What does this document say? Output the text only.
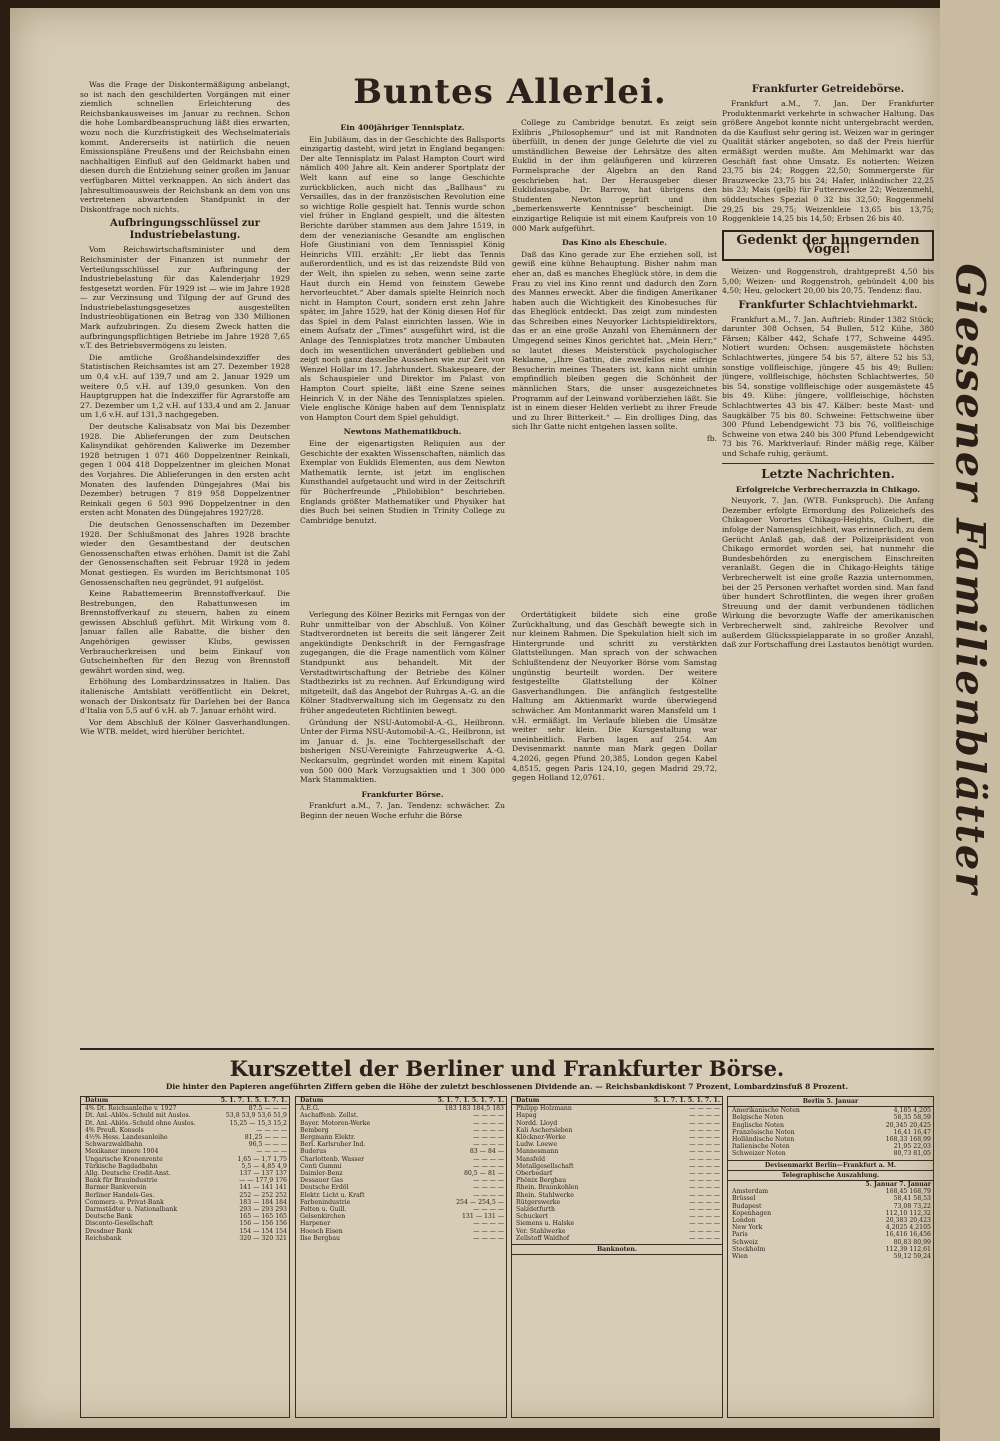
Giessener Familienblätter
Buntes Allerlei.
Was die Frage der Diskontermäßigung anbelangt, so ist nach den geschilderten Vorgängen mit einer ziemlich schnellen Erleichterung des Reichsbankausweises im Januar zu rechnen. Schon die hohe Lombardbeanspruchung läßt dies erwarten, wozu noch die Kurzfristigkeit des Wechselmaterials kommt. Andererseits ist natürlich die neuen Emissionspläne Preußens und der Reichsbahn einen nachhaltigen Einfluß auf den Geldmarkt haben und diesen durch die Entziehung seiner großen im Januar verfügbaren Mittel verknappen. An sich ändert das Jahresultimoausweis der Reichsbank an dem von uns vertretenen abwartenden Standpunkt in der Diskontfrage noch nichts.
Aufbringungsschlüssel zur Industriebelastung.
Vom Reichswirtschaftsminister und dem Reichsminister der Finanzen ist nunmehr der Verteilungsschlüssel zur Aufbringung der Industriebelastung für das Kalenderjahr 1929 festgesetzt worden. Für 1929 ist — wie im Jahre 1928 — zur Verzinsung und Tilgung der auf Grund des Industriebelastungsgesetzes ausgestellten Industrieobligationen ein Betrag von 330 Millionen Mark aufzubringen. Zu diesem Zweck hatten die aufbringungspflichtigen Betriebe im Jahre 1928 7,65 v.T. des Betriebsvermögens zu leisten.
Die amtliche Großhandelsindexziffer des Statistischen Reichsamtes ist am 27. Dezember 1928 um 0,4 v.H. auf 139,7 und am 2. Januar 1929 um weitere 0,5 v.H. auf 139,0 gesunken. Von den Hauptgruppen hat die Indexziffer für Agrarstoffe am 27. Dezember um 1,2 v.H. auf 133,4 und am 2. Januar um 1,6 v.H. auf 131,3 nachgegeben.
Der deutsche Kalisabsatz von Mai bis Dezember 1928. Die Ablieferungen der zum Deutschen Kalisyndikat gehörenden Kaliwerke im Dezember 1928 betrugen 1 071 460 Doppelzentner Reinkali, gegen 1 004 418 Doppelzentner im gleichen Monat des Vorjahres. Die Ablieferungen in den ersten acht Monaten des laufenden Düngejahres (Mai bis Dezember) betrugen 7 819 958 Doppelzentner Reinkali gegen 6 503 996 Doppelzentner in den ersten acht Monaten des Düngejahres 1927/28.
Die deutschen Genossenschaften im Dezember 1928. Der Schlußmonat des Jahres 1928 brachte wieder den Gesamtbestand der deutschen Genossenschaften etwas erhöhen. Damit ist die Zahl der Genossenschaften seit Februar 1928 in jedem Monat gestiegen. Es wurden im Berichtsmonat 105 Genossenschaften neu gegründet, 91 aufgelöst.
Keine Rabattemeerim Brennstoffverkauf. Die Bestrebungen, den Rabattunwesen im Brennstoffverkauf zu steuern, haben zu einem gewissen Abschluß geführt. Mit Wirkung vom 8. Januar fallen alle Rabatte, die bisher den Angehörigen gewisser Klubs, gewissen Verbraucherkreisen und beim Einkauf von Gutscheinheften für den Bezug von Brennstoff gewährt worden sind, weg.
Erhöhung des Lombardzinssatzes in Italien. Das italienische Amtsblatt veröffentlicht ein Dekret, wonach der Diskontsatz für Darlehen bei der Banca d'Italia von 5,5 auf 6 v.H. ab 7. Januar erhöht wird.
Vor dem Abschluß der Kölner Gasverhandlungen. Wie WTB. meldet, wird hierüber berichtet.
Ein 400jähriger Tennisplatz.
Ein Jubiläum, das in der Geschichte des Ballsports einzigartig dasteht, wird jetzt in England begangen: Der alte Tennisplatz im Palast Hampton Court wird nämlich 400 Jahre alt. Kein anderer Sportplatz der Welt kann auf eine so lange Geschichte zurückblicken, auch nicht das „Ballhaus“ zu Versailles, das in der französischen Revolution eine so wichtige Rolle gespielt hat. Tennis wurde schon viel früher in England gespielt, und die ältesten Berichte darüber stammen aus dem Jahre 1519, in dem der venezianische Gesandte am englischen Hofe Giustiniani von dem Tennisspiel König Heinrichs VIII. erzählt: „Er liebt das Tennis außerordentlich, und es ist das reizendste Bild von der Welt, ihn spielen zu sehen, wenn seine zarte Haut durch ein Hemd von feinstem Gewebe hervorleuchtet.“ Aber damals spielte Heinrich noch nicht in Hampton Court, sondern erst zehn Jahre später, im Jahre 1529, hat der König diesen Hof für das Spiel in dem Palast einrichten lassen. Wie in einem Aufsatz der „Times“ ausgeführt wird, ist die Anlage des Tennisplatzes trotz mancher Umbauten doch im wesentlichen unverändert geblieben und zeigt noch ganz dasselbe Aussehen wie zur Zeit von Wenzel Hollar im 17. Jahrhundert. Shakespeare, der als Schauspieler und Direktor im Palast von Hampton Court spielte, läßt eine Szene seines Heinrich V. in der Nähe des Tennisplatzes spielen. Viele englische Könige haben auf dem Tennisplatz von Hampton Court dem Spiel gehuldigt.
Newtons Mathematikbuch.
Eine der eigenartigsten Reliquien aus der Geschichte der exakten Wissenschaften, nämlich das Exemplar von Euklids Elementen, aus dem Newton Mathematik lernte, ist jetzt im englischen Kunsthandel aufgetaucht und wird in der Zeitschrift für Bücherfreunde „Philobiblon“ beschrieben. Englands größter Mathematiker und Physiker hat dies Buch bei seinen Studien in Trinity College zu Cambridge benutzt.
College zu Cambridge benutzt. Es zeigt sein Exlibris „Philosophemur“ und ist mit Randnoten überfüllt, in denen der junge Gelehrte die viel zu umständlichen Beweise der Lehrsätze des alten Euklid in der ihm geläufigeren und kürzeren Formelsprache der Algebra an den Rand geschrieben hat. Der Herausgeber dieser Euklidausgabe, Dr. Barrow, hat übrigens den Studenten Newton geprüft und ihm „bemerkenswerte Kenntnisse“ bescheinigt. Die einzigartige Reliquie ist mit einem Kaufpreis von 10 000 Mark aufgeführt.
Das Kino als Eheschule.
Daß das Kino gerade zur Ehe erziehen soll, ist gewiß eine kühne Behauptung. Bisher nahm man eher an, daß es manches Eheglück störe, in dem die Frau zu viel ins Kino rennt und dadurch den Zorn des Mannes erweckt. Aber die findigen Amerikaner haben auch die Wichtigkeit des Kinobesuches für das Eheglück entdeckt. Das zeigt zum mindesten das Schreiben eines Neuyorker Lichtspieldirektors, das er an eine große Anzahl von Ehemännern der Umgegend seines Kinos gerichtet hat. „Mein Herr,“ so lautet dieses Meisterstück psychologischer Reklame, „Ihre Gattin, die zweifellos eine eifrige Besucherin meines Theaters ist, kann nicht umhin empfindlich bleiben gegen die Schönheit der männlichen Stars, die unser ausgezeichnetes Programm auf der Leinwand vorüberziehen läßt. Sie ist in einem dieser Helden verliebt zu ihrer Freude und zu Ihrer Bitterkeit.“ — Ein drolliges Ding, das sich Ihr Gatte nicht entgehen lassen sollte.
fb.
Frankfurter Getreidebörse.
Frankfurt a.M., 7. Jan. Der Frankfurter Produktenmarkt verkehrte in schwacher Haltung. Das größere Angebot konnte nicht untergebracht werden, da die Kauflust sehr gering ist. Weizen war in geringer Qualität stärker angeboten, so daß der Preis hierfür ermäßigt werden mußte. Am Mehlmarkt war das Geschäft fast ohne Umsatz. Es notierten: Weizen 23,75 bis 24; Roggen 22,50; Sommergerste für Brauzwecke 23,75 bis 24; Hafer, inländischer 22,25 bis 23; Mais (gelb) für Futterzwecke 22; Weizenmehl, süddeutsches Spezial 0 32 bis 32,50; Roggenmehl 29,25 bis 29,75; Weizenkleie 13,65 bis 13,75; Roggenkleie 14,25 bis 14,50; Erbsen 26 bis 40.
Gedenkt der hungernden Vögel!
Weizen- und Roggenstroh, drahtgepreßt 4,50 bis 5,00; Weizen- und Roggenstroh, gebündelt 4,00 bis 4,50; Heu, gelockert 20,00 bis 20,75. Tendenz: flau.
Frankfurter Schlachtviehmarkt.
Frankfurt a.M., 7. Jan. Auftrieb: Rinder 1382 Stück; darunter 308 Ochsen, 54 Bullen, 512 Kühe, 380 Färsen; Kälber 442, Schafe 177, Schweine 4495. Notiert wurden: Ochsen: ausgemästete höchsten Schlachtwertes, jüngere 54 bis 57, ältere 52 bis 53, sonstige vollfleischige, jüngere 45 bis 49; Bullen: jüngere, vollfleischige, höchsten Schlachtwertes, 50 bis 54, sonstige vollfleischige oder ausgemästete 45 bis 49. Kühe: jüngere, vollfleischige, höchsten Schlachtwertes 43 bis 47. Kälber: beste Mast- und Saugkälber 75 bis 80. Schweine: Fettschweine über 300 Pfund Lebendgewicht 73 bis 76, vollfleischige Schweine von etwa 240 bis 300 Pfund Lebendgewicht 73 bis 76. Marktverlauf: Rinder mäßig rege, Kälber und Schafe ruhig, geräumt.
Letzte Nachrichten.
Erfolgreiche Verbrecherrazzia in Chikago.
Neuyork, 7. Jan. (WTB. Funkspruch). Die Anfang Dezember erfolgte Ermordung des Polizeichefs des Chikagoer Vorortes Chikago-Heights, Gulbert, die infolge der Namensgleichheit, was erinnerlich, zu dem Gerücht Anlaß gab, daß der Polizeipräsident von Chikago ermordet worden sei, hat nunmehr die Bundesbehörden zu energischem Einschreiten veranlaßt. Gegen die in Chikago-Heights tätige Verbrecherwelt ist eine große Razzia unternommen, bei der 25 Personen verhaftet worden sind. Man fand über hundert Schrotflinten, die wegen ihrer großen Streuung und der damit verbundenen tödlichen Wirkung die bevorzugte Waffe der amerikanischen Verbrecherwelt sind, zahlreiche Revolver und außerdem Glücksspielapparate in so großer Anzahl, daß zur Fortschaffung drei Lastautos benötigt wurden.
Verlegung des Kölner Bezirks mit Ferngas von der Ruhr unmittelbar von der Abschluß. Von Kölner Stadtverordneten ist bereits die seit längerer Zeit angekündigte Denkschrift in der Ferngasfrage zugegangen, die die Frage namentlich vom Kölner Standpunkt aus behandelt. Mit der Verstadtwirtschaftung der Betriebe des Kölner Stadtbezirks ist zu rechnen. Auf Erkundigung wird mitgeteilt, daß das Angebot der Ruhrgas A.-G. an die Kölner Stadtverwaltung sich im Gegensatz zu den früher angedeuteten Richtlinien bewegt.
Gründung der NSU-Automobil-A.-G., Heilbronn. Unter der Firma NSU-Automobil-A.-G., Heilbronn, ist im Januar d. Js. eine Tochtergesellschaft der bisherigen NSU-Vereinigte Fahrzeugwerke A.-G. Neckarsulm, gegründet worden mit einem Kapital von 500 000 Mark Vorzugsaktien und 1 300 000 Mark Stammaktien.
Frankfurter Börse.
Frankfurt a.M., 7. Jan. Tendenz: schwächer. Zu Beginn der neuen Woche erfuhr die Börse
Ordertätigkeit bildete sich eine große Zurückhaltung, und das Geschäft bewegte sich in nur kleinem Rahmen. Die Spekulation hielt sich im Hintergrunde und schritt zu verstärkten Glattstellungen. Man sprach von der schwachen Schlußtendenz der Neuyorker Börse vom Samstag ungünstig beurteilt worden. Der weitere festgestellte Glattstellung der Kölner Gasverhandlungen. Die anfänglich festgestellte Haltung am Aktienmarkt wurde überwiegend schwächer. Am Montanmarkt waren Mansfeld um 1 v.H. ermäßigt. Im Verlaufe blieben die Umsätze weiter sehr klein. Die Kursgestaltung war uneinheitlich. Farben lagen auf 254. Am Devisenmarkt nannte man Mark gegen Dollar 4,2026, gegen Pfund 20,385, London gegen Kabel 4,8515, gegen Paris 124,10, gegen Madrid 29,72, gegen Holland 12,0761.
Kurszettel der Berliner und Frankfurter Börse.
Die hinter den Papieren angeführten Ziffern geben die Höhe der zuletzt beschlossenen Dividende an. — Reichsbankdiskont 7 Prozent, Lombardzinsfuß 8 Prozent.
Datum	5. 1. 7. 1. 5. 1. 7. 1.
4% Dt. Reichsanleihe v. 1927	87.5 — — —
Dt. Anl.-Ablös.-Schuld mit Auslos.	53,8 53,9 53,6 51,9
Dt. Anl.-Ablös.-Schuld ohne Auslos.	15,25 — 15,3 15,2
4% Preuß. Konsols	— — — —
4½% Hess. Landesanleihe	81,25 — — —
Schwarzwaldbahn	96,5 — — —
Mexikaner innere 1904	— — — —
Ungarische Kronenrente	1,65 — 1,7 1,75
Türkische Bagdadbahn	5,5 — 4,85 4,9
Allg. Deutsche Credit-Anst.	137 — 137 137
Bank für Brauindustrie	— — 177,9 176
Barmer Bankverein	141 — 141 141
Berliner Handels-Ges.	252 — 252 252
Commerz- u. Privat-Bank	183 — 184 184
Darmstädter u. Nationalbank	293 — 293 293
Deutsche Bank	165 — 165 165
Disconto-Gesellschaft	156 — 156 156
Dresdner Bank	154 — 154 154
Reichsbank	320 — 320 321
Datum	5. 1. 7. 1. 5. 1. 7. 1.
A.E.G.	183 183 184,5 183
Aschaffenb. Zellst.	— — — —
Bayer. Motoren-Werke	— — — —
Bemberg	— — — —
Bergmann Elektr.	— — — —
Berl. Karlsruher Ind.	— — — —
Buderus	83 — 84 —
Charlottenb. Wasser	— — — —
Conti Gummi	— — — —
Daimler-Benz	80,5 — 81 —
Dessauer Gas	— — — —
Deutsche Erdöl	— — — —
Elektr. Licht u. Kraft	— — — —
Farbenindustrie	254 — 254,5 —
Felten u. Guill.	— — — —
Gelsenkirchen	131 — 131 —
Harpener	— — — —
Hoesch Eisen	— — — —
Ilse Bergbau	— — — —
Datum	5. 1. 7. 1. 5. 1. 7. 1.
Philipp Holzmann	— — — —
Hapag	— — — —
Nordd. Lloyd	— — — —
Kali Aschersleben	— — — —
Klöckner-Werke	— — — —
Ludw. Loewe	— — — —
Mannesmann	— — — —
Mansfeld	— — — —
Metallgesellschaft	— — — —
Oberbedarf	— — — —
Phönix Bergbau	— — — —
Rhein. Braunkohlen	— — — —
Rhein. Stahlwerke	— — — —
Rütgerswerke	— — — —
Salzdetfurth	— — — —
Schuckert	— — — —
Siemens u. Halske	— — — —
Ver. Stahlwerke	— — — —
Zellstoff Waldhof	— — — —
Banknoten.
Berlin 5. Januar
Amerikanische Noten	4,185 4,205
Belgische Noten	58,35 58,59
Englische Noten	20,345 20,425
Französische Noten	16,41 16,47
Holländische Noten	168,33 168,99
Italienische Noten	21,95 22,03
Schweizer Noten	80,73 81,05
Devisenmarkt Berlin—Frankfurt a. M.
Telegraphische Auszahlung.
5. Januar 7. Januar
Amsterdam	168,45 168,79
Brüssel	58,41 58,53
Budapest	73,08 73,22
Kopenhagen	112,10 112,32
London	20,383 20,423
New York	4,2025 4,2105
Paris	16,416 16,456
Schweiz	80,83 80,99
Stockholm	112,39 112,61
Wien	59,12 59,24
